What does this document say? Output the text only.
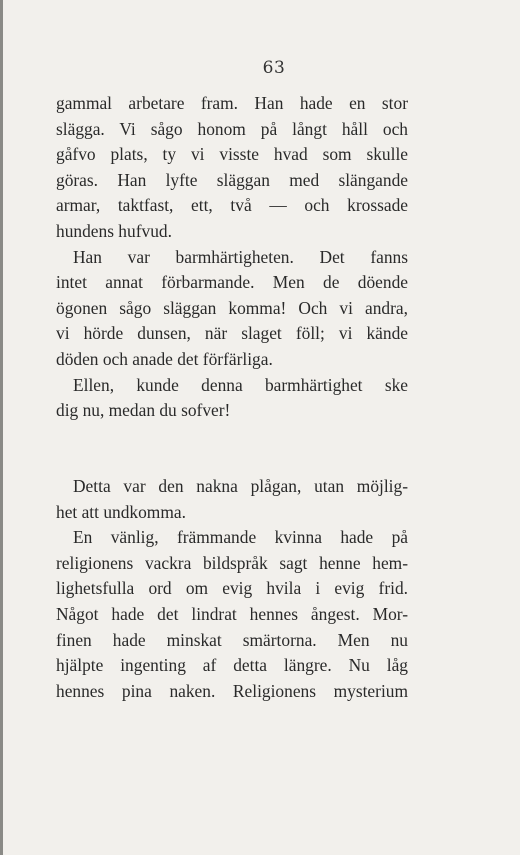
63
gammal arbetare fram. Han hade en stor
slägga. Vi sågo honom på långt håll och
gåfvo plats, ty vi visste hvad som skulle
göras. Han lyfte släggan med slängande
armar, taktfast, ett, två — och krossade
hundens hufvud.
Han var barmhärtigheten. Det fanns
intet annat förbarmande. Men de döende
ögonen sågo släggan komma! Och vi andra,
vi hörde dunsen, när slaget föll; vi kände
döden och anade det förfärliga.
Ellen, kunde denna barmhärtighet ske
dig nu, medan du sofver!
Detta var den nakna plågan, utan möjlig-
het att undkomma.
En vänlig, främmande kvinna hade på
religionens vackra bildspråk sagt henne hem-
lighetsfulla ord om evig hvila i evig frid.
Något hade det lindrat hennes ångest. Mor-
finen hade minskat smärtorna. Men nu
hjälpte ingenting af detta längre. Nu låg
hennes pina naken. Religionens mysterium
